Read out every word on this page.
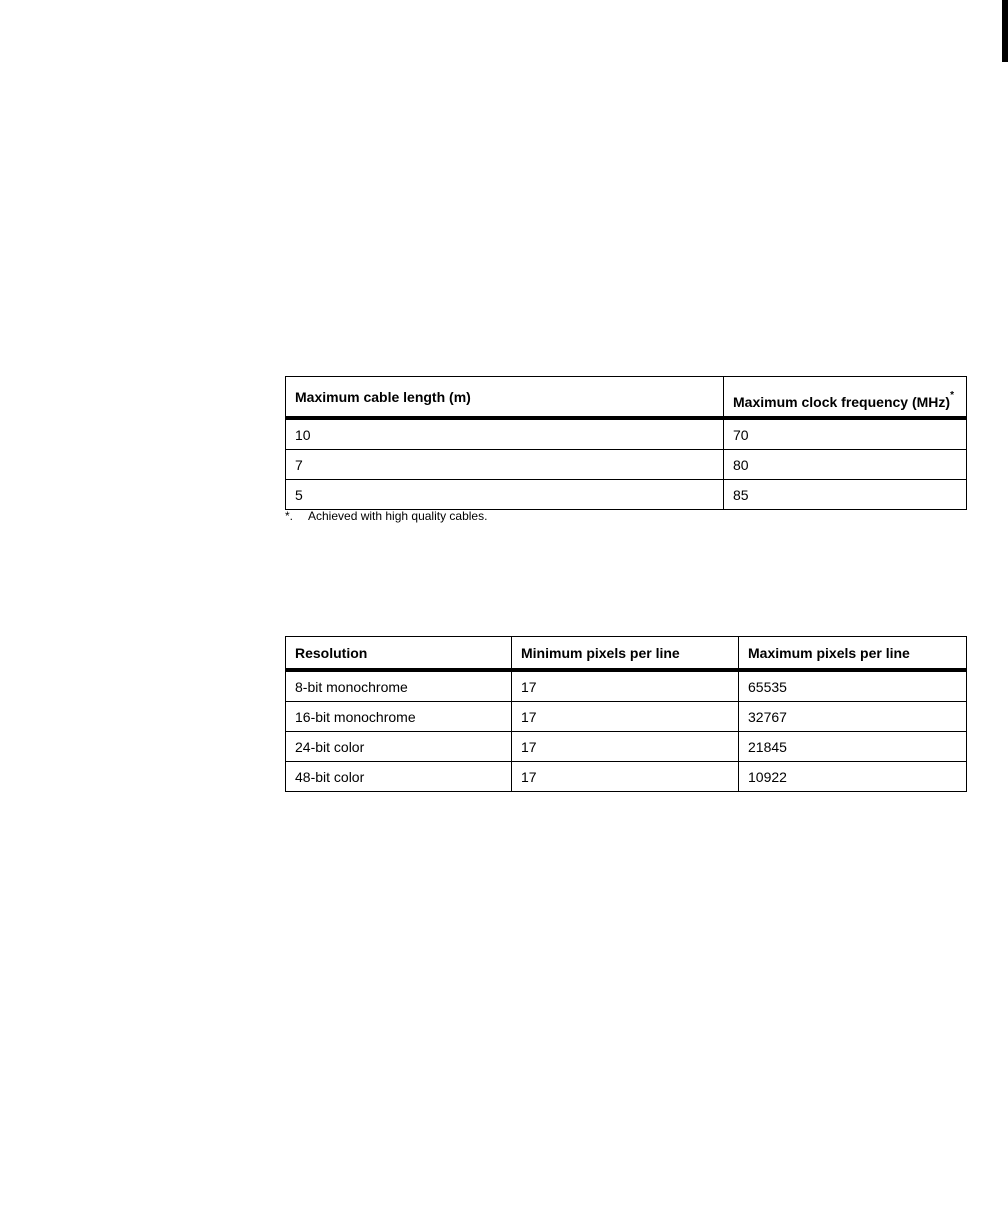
Maximum cable length (m)	Maximum clock frequency (MHz)*
10	70
7	80
5	85
*. Achieved with high quality cables.
Resolution	Minimum pixels per line	Maximum pixels per line
8-bit monochrome	17	65535
16-bit monochrome	17	32767
24-bit color	17	21845
48-bit color	17	10922
